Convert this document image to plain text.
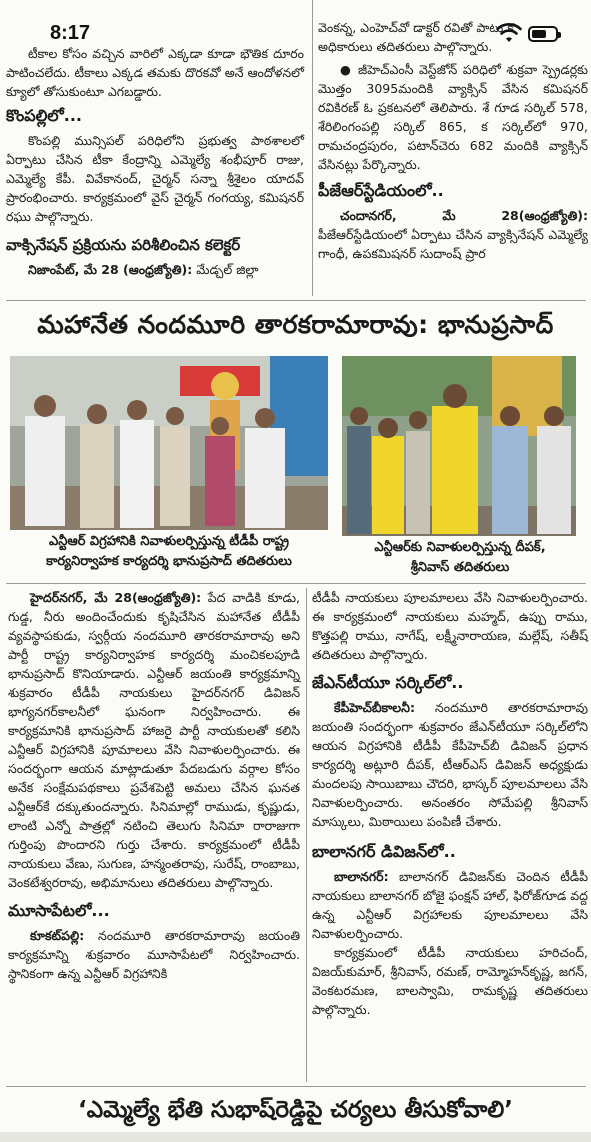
8:17

టీకాల కోసం వచ్చిన వారిలో ఎక్కడా కూడా భౌతిక దూరం పాటించలేదు. టీకాలు ఎక్కడ తమకు దొరకవో అనే ఆందోళనలో క్యూలో తోసుకుంటూ ఎగబడ్డారు.

కొంపల్లిలో...

కొంపల్లి మున్సిపల్ పరిధిలోని ప్రభుత్వ పాఠశాలలో ఏర్పాటు చేసిన టీకా కేంద్రాన్ని ఎమ్మెల్యే శంభీపూర్ రాజు, ఎమ్మెల్యే కేపీ. వివేకానంద్, చైర్మన్ సన్నా శ్రీశైలం యాదవ్ ప్రారంభించారు. కార్యక్రమంలో వైస్ చైర్మన్ గంగయ్య, కమిషనర్ రఘు పాల్గొన్నారు.

వాక్సినేషన్ ప్రక్రియను పరిశీలించిన కలెక్టర్

నిజాంపేట్, మే 28 (ఆంధ్రజ్యోతి): మేడ్చల్ జిల్లా

వెంకన్న, ఎంహెచ్‌వో డాక్టర్ రవితో పాటు క

అధికారులు తదితరులు పాల్గొన్నారు.

● జీహెచ్ఎంసీ వెస్ట్‌జోన్ పరిధిలో శుక్రవా స్ప్రెడర్లకు మొత్తం 3095మందికి వ్యాక్సిన్ వేసిన కమిషనర్ రవికిరణ్ ఓ ప్రకటనలో తెలిపారు. శే గూడ సర్కిల్ 578, శేరిలింగంపల్లి సర్కిల్ 865, క సర్కిల్‌లో 970, రామచంద్రపురం, పటాన్‌చెరు 682 మందికి వ్యాక్సిన్ వేసినట్లు పేర్కొన్నారు.

పీజేఆర్‌స్టేడియంలో..

చందానగర్, మే 28(ఆంధ్రజ్యోతి): పీజేఆర్‌స్టేడియంలో ఏర్పాటు చేసిన వ్యాక్సినేషన్ ఎమ్మెల్యే గాంధీ, ఉపకమిషనర్ సుదాంష్ ప్రార

మహానేత నందమూరి తారకరామారావు: భానుప్రసాద్
ఎన్టీఆర్ విగ్రహానికి నివాళులర్పిస్తున్న టీడీపీ రాష్ట్ర కార్యనిర్వాహక కార్యదర్శి భానుప్రసాద్ తదితరులు
ఎన్టీఆర్‌కు నివాళులర్పిస్తున్న దీపక్, శ్రీనివాస్ తదితరులు

హైదర్‌నగర్, మే 28(ఆంధ్రజ్యోతి): పేద వాడికి కూడు, గుడ్డ, నీరు అందించేందుకు కృషిచేసిన మహానేత టీడీపీ వ్యవస్థాపకుడు, స్వర్గీయ నందమూరి తారకరామారావు అని పార్టీ రాష్ట్ర కార్యనిర్వాహక కార్యదర్శి మంచికలపూడి భానుప్రసాద్ కొనియాడారు. ఎన్టీఆర్ జయంతి కార్యక్రమాన్ని శుక్రవారం టీడీపీ నాయకులు హైదర్‌నగర్ డివిజన్ భాగ్యనగర్‌కాలనీలో ఘనంగా నిర్వహించారు. ఈ కార్యక్రమానికి భానుప్రసాద్ హాజరై పార్టీ నాయకులతో కలిసి ఎన్టీఆర్ విగ్రహానికి పూమాలలు వేసి నివాళులర్పించారు. ఈ సందర్భంగా ఆయన మాట్లాడుతూ పేదబడుగు వర్గాల కోసం అనేక సంక్షేమపథకాలు ప్రవేశపెట్టి అమలు చేసిన ఘనత ఎన్టీఆర్‌కే దక్కుతుందన్నారు. సినిమాల్లో రాముడు, కృష్ణుడు, లాంటి ఎన్నో పాత్రల్లో నటించి తెలుగు సినిమా రారాజుగా గుర్తింపు పొందారని గుర్తు చేశారు. కార్యక్రమంలో టీడీపీ నాయకులు వేణు, సుగుణ, హన్మంతరావు, సురేష్, రాంబాబు, వెంకటేశ్వరరావు, అభిమానులు తదితరులు పాల్గొన్నారు.

మూసాపేటలో...

కూకట్‌పల్లి: నందమూరి తారకరామారావు జయంతి కార్యక్రమాన్ని శుక్రవారం మూసాపేటలో నిర్వహించారు. స్థానికంగా ఉన్న ఎన్టీఆర్ విగ్రహానికి

టీడీపీ నాయకులు పూలమాలలు వేసి నివాళులర్పించారు. ఈ కార్యక్రమంలో నాయకులు మహ్మద్, ఉప్పు రాము, కొత్తపల్లి రాము, నాగేష్, లక్ష్మీనారాయణ, మల్లేష్, సతీష్ తదితరులు పాల్గొన్నారు.

జేఎన్‌టీయూ సర్కిల్‌లో..

కేపీహెచ్‌బీకాలనీ: నందమూరి తారకరామారావు జయంతి సందర్భంగా శుక్రవారం జేఎన్‌టీయూ సర్కిల్‌లోని ఆయన విగ్రహానికి టీడీపీ కేపీహెచ్‌బీ డివిజన్ ప్రధాన కార్యదర్శి అట్లూరి దీపక్, టీఆర్ఎస్ డివిజన్ అధ్యక్షుడు మందలపు సాయిబాబు చౌదరి, భాస్కర్ పూలమాలలు వేసి నివాళులర్పించారు. అనంతరం సోమేపల్లి శ్రీనివాస్ మాస్కులు, మిఠాయిలు పంపిణీ చేశారు.

బాలానగర్ డివిజన్‌లో..

బాలానగర్: బాలానగర్ డివిజన్‌కు చెందిన టీడీపీ నాయకులు బాలానగర్ బోజై ఫంక్షన్ హాల్, ఫిరోజ్‌గూడ వద్ద ఉన్న ఎన్టీఆర్ విగ్రహాలకు పూలమాలలు వేసి నివాళులర్పించారు.

కార్యక్రమంలో టీడీపీ నాయకులు హరిచంద్, విజయ్‌కుమార్, శ్రీనివాస్, రమణ్, రామ్మోహన్‌కృష్ణ, జగన్, వెంకటరమణ, బాలస్వామి, రామకృష్ణ తదితరులు పాల్గొన్నారు.

‘ఎమ్మెల్యే భేతి సుభాష్‌రెడ్డిపై చర్యలు తీసుకోవాలి’
